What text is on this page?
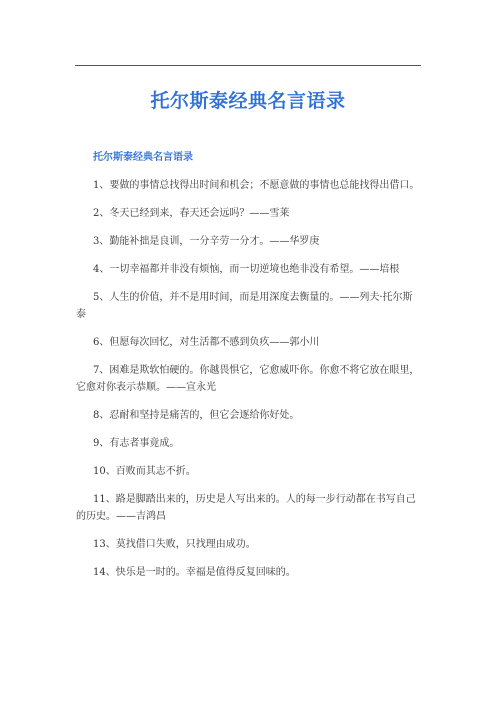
托尔斯泰经典名言语录
托尔斯泰经典名言语录

1、要做的事情总找得出时间和机会；不愿意做的事情也总能找得出借口。

2、冬天已经到来，春天还会远吗？——雪莱

3、勤能补拙是良训，一分辛劳一分才。——华罗庚

4、一切幸福都并非没有烦恼，而一切逆境也绝非没有希望。——培根

5、人生的价值，并不是用时间，而是用深度去衡量的。——列夫·托尔斯泰

6、但愿每次回忆，对生活都不感到负疚——郭小川

7、困难是欺软怕硬的。你越畏惧它，它愈威吓你。你愈不将它放在眼里，它愈对你表示恭顺。——宣永光

8、忍耐和坚持是痛苦的，但它会逐给你好处。

9、有志者事竟成。

10、百败而其志不折。

11、路是脚踏出来的，历史是人写出来的。人的每一步行动都在书写自己的历史。——吉鸿昌

13、莫找借口失败，只找理由成功。

14、快乐是一时的。幸福是值得反复回味的。
